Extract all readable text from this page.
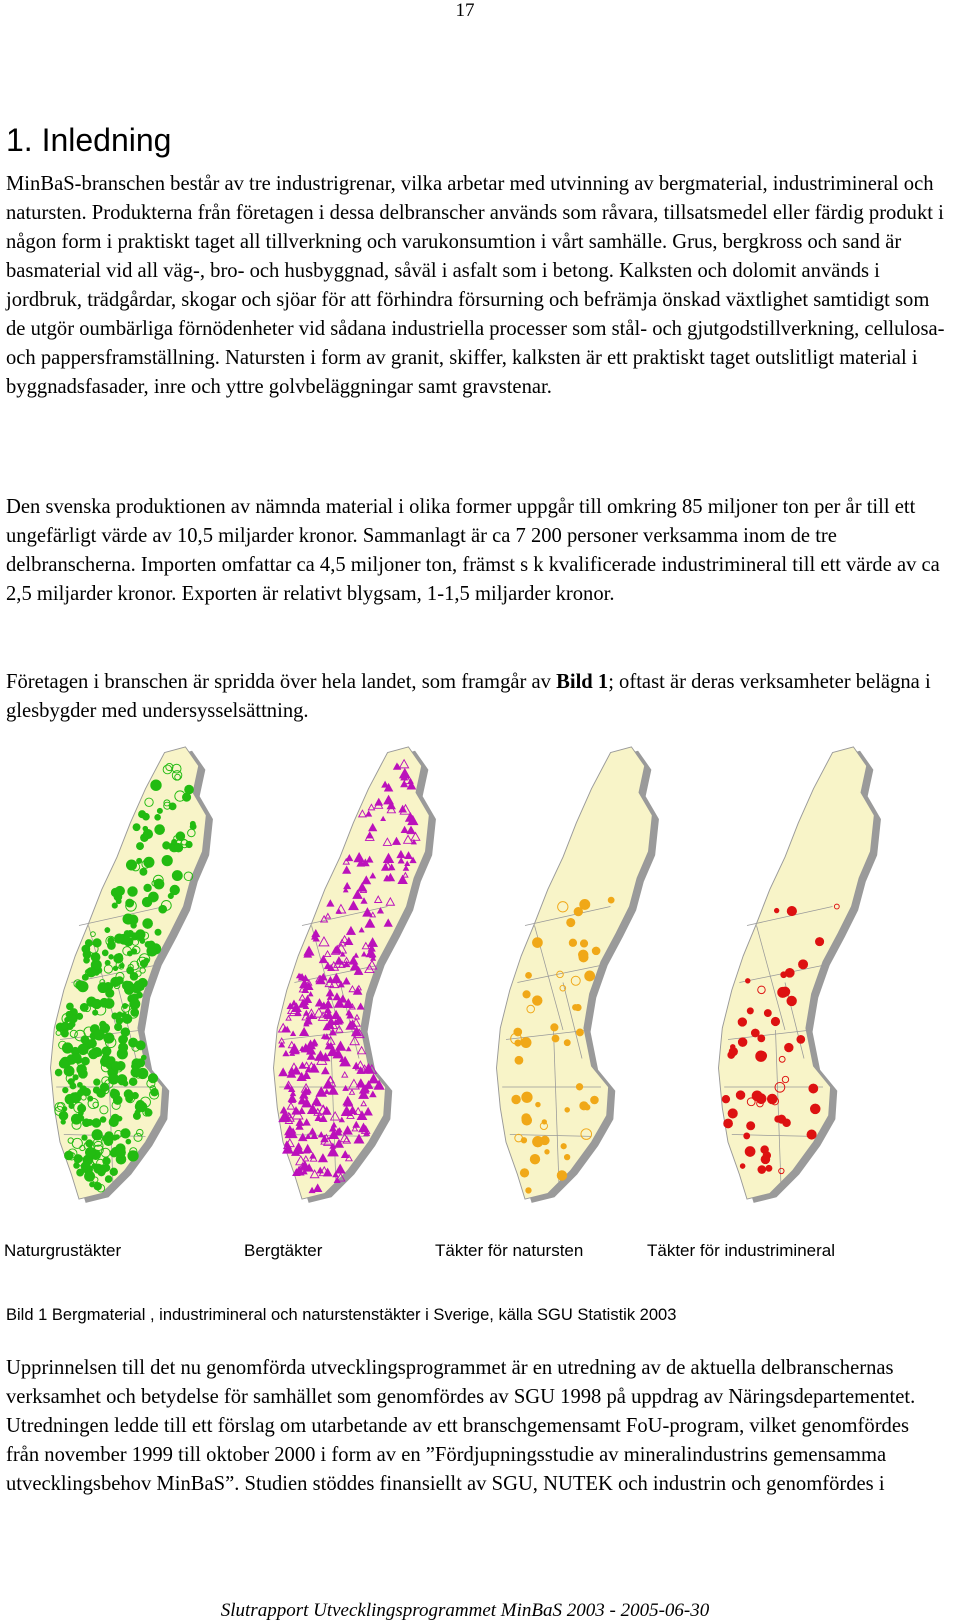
17
1. Inledning

MinBaS-branschen består av tre industrigrenar, vilka arbetar med utvinning av bergmaterial, industrimineral och natursten. Produkterna från företagen i dessa delbranscher används som råvara, tillsatsmedel eller färdig produkt i någon form i praktiskt taget all tillverkning och varukonsumtion i vårt samhälle. Grus, bergkross och sand är basmaterial vid all väg-, bro- och husbyggnad, såväl i asfalt som i betong. Kalksten och dolomit används i jordbruk, trädgårdar, skogar och sjöar för att förhindra försurning och befrämja önskad växtlighet samtidigt som de utgör oumbärliga förnödenheter vid sådana industriella processer som stål- och gjutgodstillverkning, cellulosa- och pappersframställning. Natursten i form av granit, skiffer, kalksten är ett praktiskt taget outslitligt material i byggnadsfasader, inre och yttre golvbeläggningar samt gravstenar.

Den svenska produktionen av nämnda material i olika former uppgår till omkring 85 miljoner ton per år till ett ungefärligt värde av 10,5 miljarder kronor. Sammanlagt är ca 7 200 personer verksamma inom de tre delbranscherna. Importen omfattar ca 4,5 miljoner ton, främst s k kvalificerade industrimineral till ett värde av ca 2,5 miljarder kronor. Exporten är relativt blygsam, 1-1,5 miljarder kronor.

Företagen i branschen är spridda över hela landet, som framgår av Bild 1; oftast är deras verksamheter belägna i glesbygder med undersysselsättning.

Naturgrustäkter	Bergtäkter	Täkter för natursten	Täkter för industrimineral
Bild 1 Bergmaterial , industrimineral och naturstenstäkter i Sverige, källa SGU Statistik 2003

Upprinnelsen till det nu genomförda utvecklingsprogrammet är en utredning av de aktuella delbranschernas verksamhet och betydelse för samhället som genomfördes av SGU 1998 på uppdrag av Näringsdepartementet. Utredningen ledde till ett förslag om utarbetande av ett branschgemensamt FoU-program, vilket genomfördes från november 1999 till oktober 2000 i form av en ”Fördjupningsstudie av mineralindustrins gemensamma utvecklingsbehov MinBaS”. Studien stöddes finansiellt av SGU, NUTEK och industrin och genomfördes i

Slutrapport Utvecklingsprogrammet MinBaS 2003 - 2005-06-30
